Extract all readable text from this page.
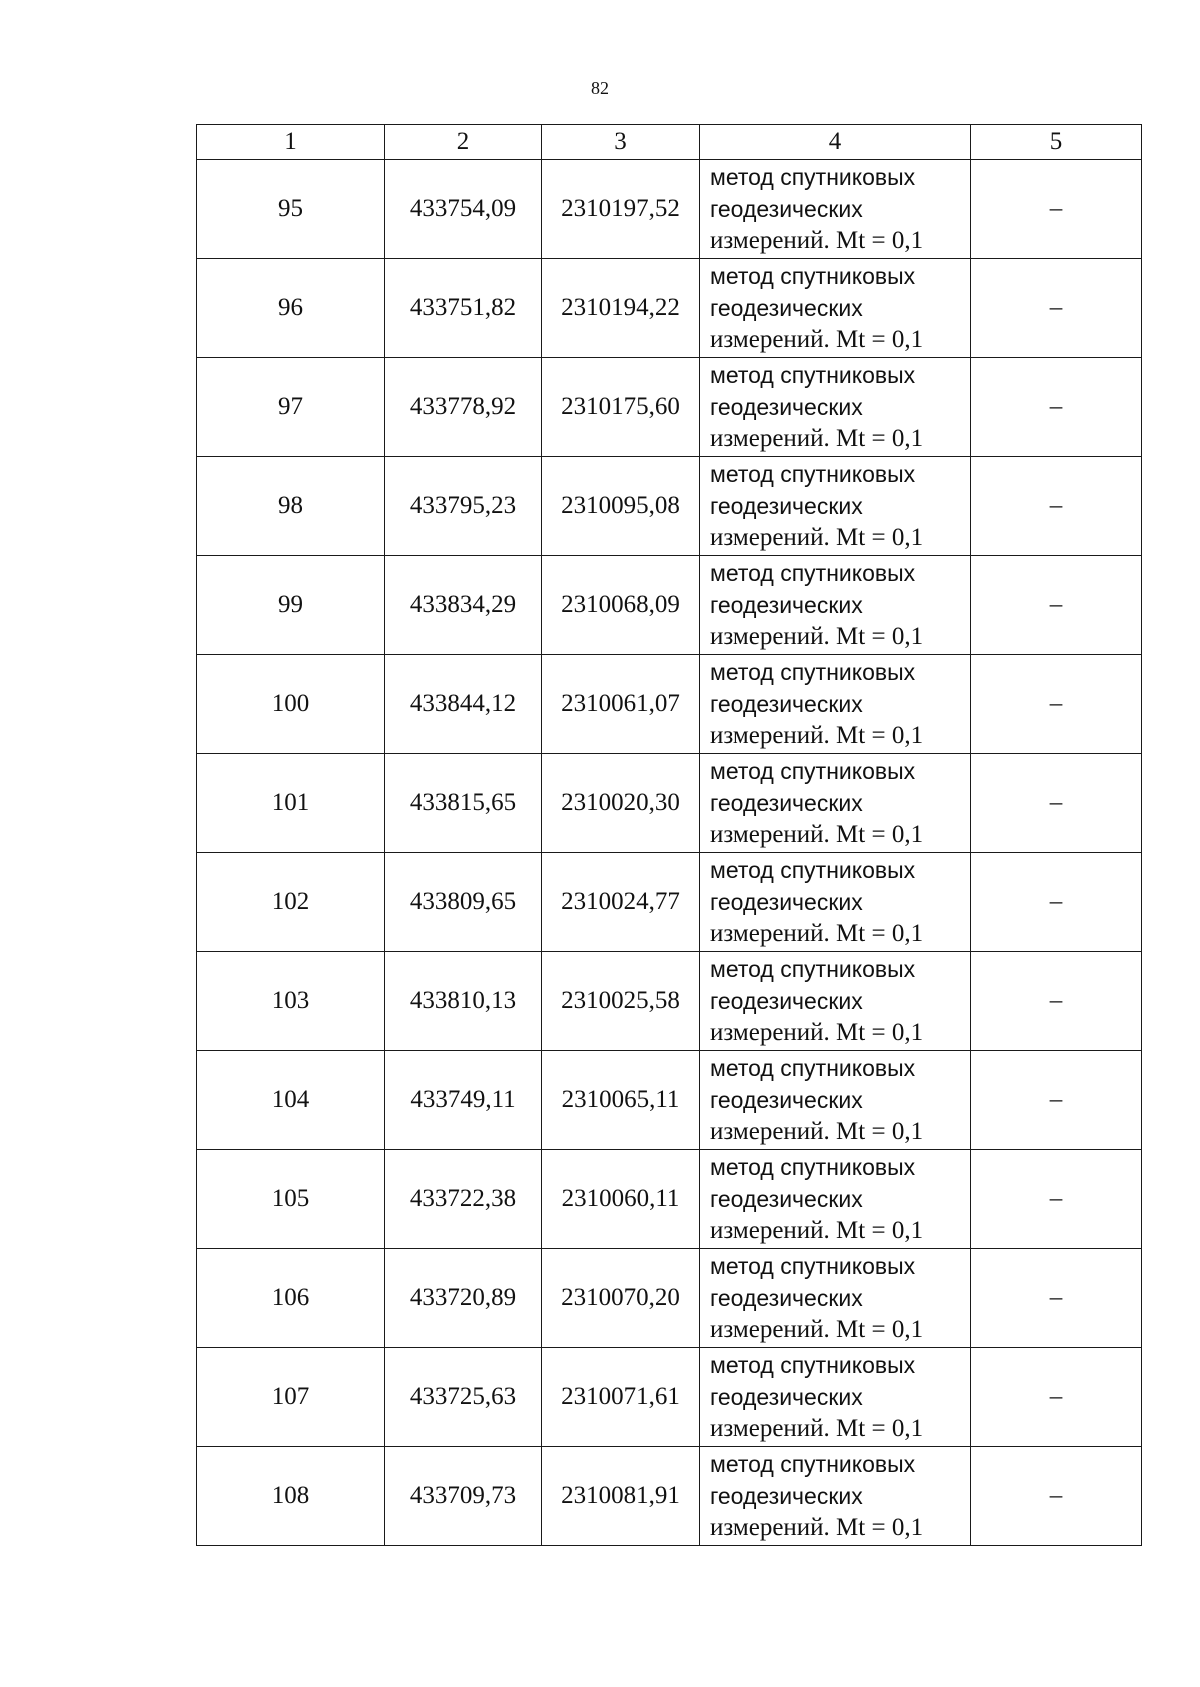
82
1	2	3	4	5
95	433754,09	2310197,52	метод спутниковых
геодезических
измерений. Mt = 0,1	–
96	433751,82	2310194,22	метод спутниковых
геодезических
измерений. Mt = 0,1	–
97	433778,92	2310175,60	метод спутниковых
геодезических
измерений. Mt = 0,1	–
98	433795,23	2310095,08	метод спутниковых
геодезических
измерений. Mt = 0,1	–
99	433834,29	2310068,09	метод спутниковых
геодезических
измерений. Mt = 0,1	–
100	433844,12	2310061,07	метод спутниковых
геодезических
измерений. Mt = 0,1	–
101	433815,65	2310020,30	метод спутниковых
геодезических
измерений. Mt = 0,1	–
102	433809,65	2310024,77	метод спутниковых
геодезических
измерений. Mt = 0,1	–
103	433810,13	2310025,58	метод спутниковых
геодезических
измерений. Mt = 0,1	–
104	433749,11	2310065,11	метод спутниковых
геодезических
измерений. Mt = 0,1	–
105	433722,38	2310060,11	метод спутниковых
геодезических
измерений. Mt = 0,1	–
106	433720,89	2310070,20	метод спутниковых
геодезических
измерений. Mt = 0,1	–
107	433725,63	2310071,61	метод спутниковых
геодезических
измерений. Mt = 0,1	–
108	433709,73	2310081,91	метод спутниковых
геодезических
измерений. Mt = 0,1	–
